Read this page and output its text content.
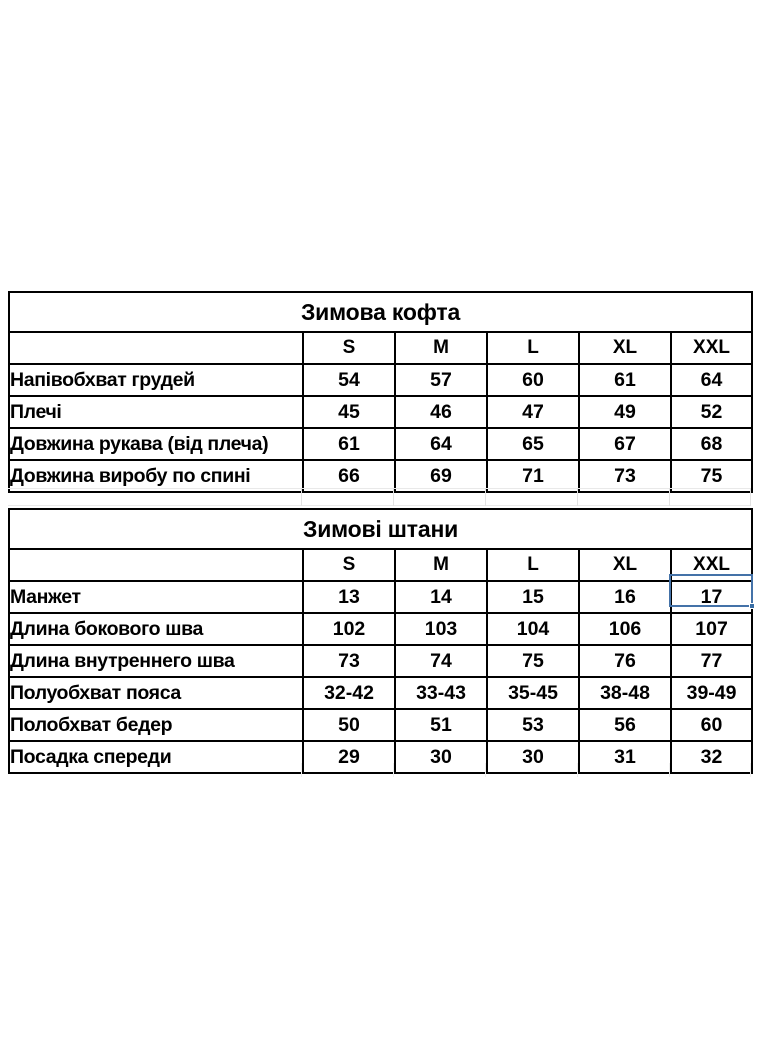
Зимова кофта					
	S	M	L	XL	XXL
Напівобхват грудей	54	57	60	61	64
Плечі	45	46	47	49	52
Довжина рукава (від плеча)	61	64	65	67	68
Довжина виробу по спині	66	69	71	73	75
Зимові штани					
	S	M	L	XL	XXL
Манжет	13	14	15	16	17
Длина бокового шва	102	103	104	106	107
Длина внутреннего шва	73	74	75	76	77
Полуобхват пояса	32-42	33-43	35-45	38-48	39-49
Полобхват бедер	50	51	53	56	60
Посадка спереди	29	30	30	31	32
